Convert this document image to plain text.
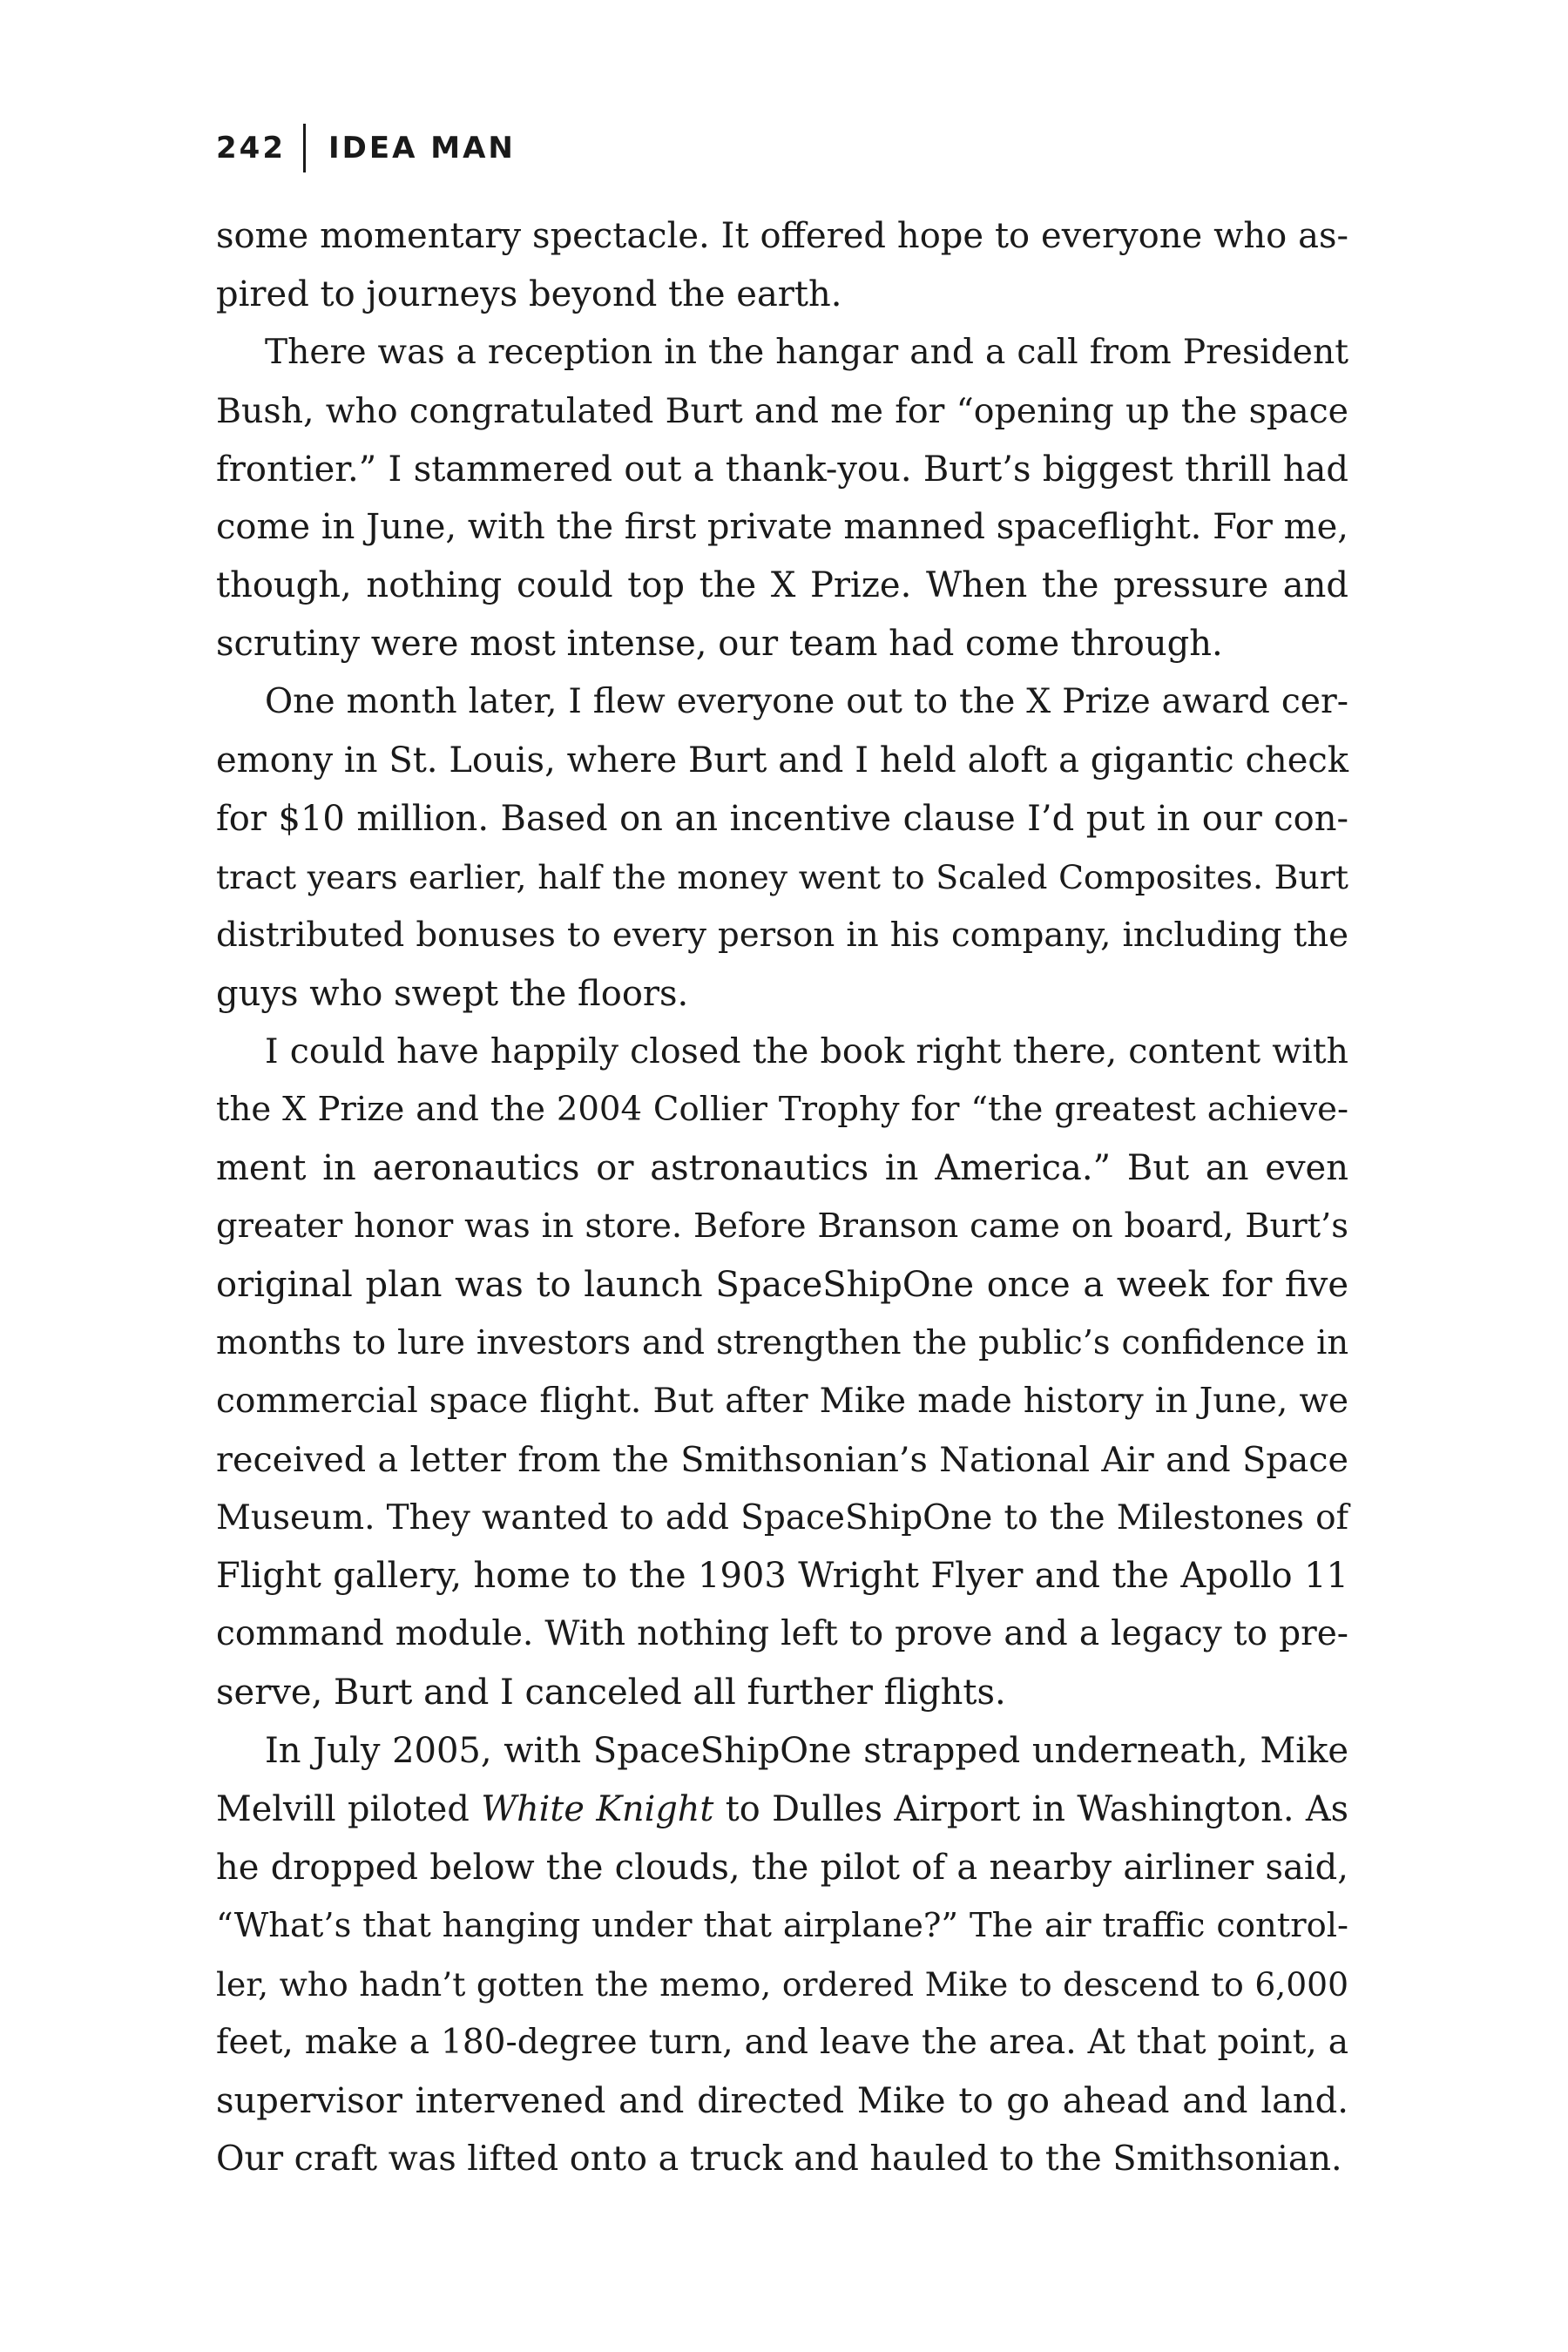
242	IDEA MAN
some momentary spectacle. It offered hope to everyone who as-
pired to journeys beyond the earth.
There was a reception in the hangar and a call from President
Bush, who congratulated Burt and me for “opening up the space
frontier.” I stammered out a thank-you. Burt’s biggest thrill had
come in June, with the first private manned spaceflight. For me,
though, nothing could top the X Prize. When the pressure and
scrutiny were most intense, our team had come through.
One month later, I flew everyone out to the X Prize award cer-
emony in St. Louis, where Burt and I held aloft a gigantic check
for $10 million. Based on an incentive clause I’d put in our con-
tract years earlier, half the money went to Scaled Composites. Burt
distributed bonuses to every person in his company, including the
guys who swept the floors.
I could have happily closed the book right there, content with
the X Prize and the 2004 Collier Trophy for “the greatest achieve-
ment in aeronautics or astronautics in America.” But an even
greater honor was in store. Before Branson came on board, Burt’s
original plan was to launch SpaceShipOne once a week for five
months to lure investors and strengthen the public’s confidence in
commercial space flight. But after Mike made history in June, we
received a letter from the Smithsonian’s National Air and Space
Museum. They wanted to add SpaceShipOne to the Milestones of
Flight gallery, home to the 1903 Wright Flyer and the Apollo 11
command module. With nothing left to prove and a legacy to pre-
serve, Burt and I canceled all further flights.
In July 2005, with SpaceShipOne strapped underneath, Mike
Melvill piloted White Knight to Dulles Airport in Washington. As
he dropped below the clouds, the pilot of a nearby airliner said,
“What’s that hanging under that airplane?” The air traffic control-
ler, who hadn’t gotten the memo, ordered Mike to descend to 6,000
feet, make a 180-degree turn, and leave the area. At that point, a
supervisor intervened and directed Mike to go ahead and land.
Our craft was lifted onto a truck and hauled to the Smithsonian.
